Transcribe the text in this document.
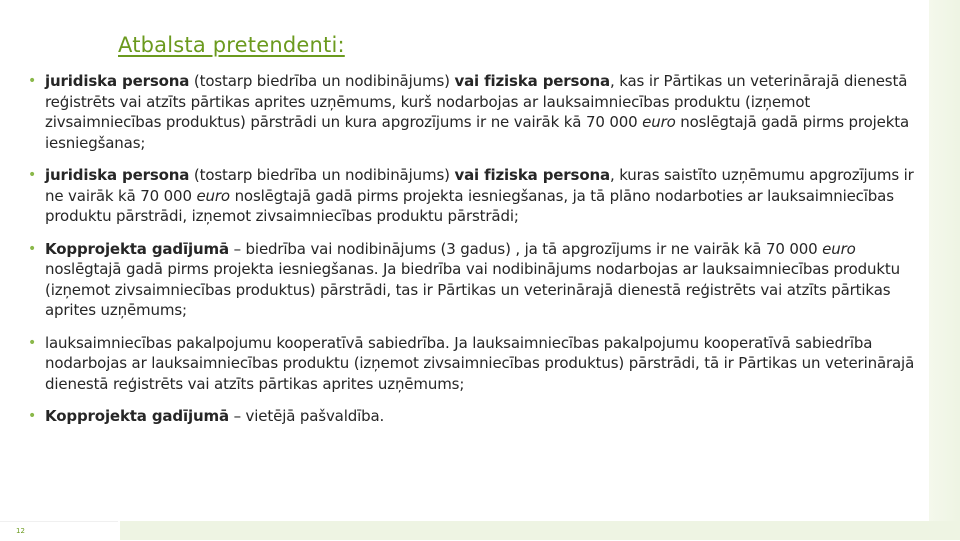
Atbalsta pretendenti:
• juridiska persona (tostarp biedrība un nodibinājums) vai fiziska persona, kas ir Pārtikas un veterinārajā dienestā reģistrēts vai atzīts pārtikas aprites uzņēmums, kurš nodarbojas ar lauksaimniecības produktu (izņemot zivsaimniecības produktus) pārstrādi un kura apgrozījums ir ne vairāk kā 70 000 euro noslēgtajā gadā pirms projekta iesniegšanas;
• juridiska persona (tostarp biedrība un nodibinājums) vai fiziska persona, kuras saistīto uzņēmumu apgrozījums ir ne vairāk kā 70 000 euro noslēgtajā gadā pirms projekta iesniegšanas, ja tā plāno nodarboties ar lauksaimniecības produktu pārstrādi, izņemot zivsaimniecības produktu pārstrādi;
• Kopprojekta gadījumā – biedrība vai nodibinājums (3 gadus) , ja tā apgrozījums ir ne vairāk kā 70 000 euro noslēgtajā gadā pirms projekta iesniegšanas. Ja biedrība vai nodibinājums nodarbojas ar lauksaimniecības produktu (izņemot zivsaimniecības produktus) pārstrādi, tas ir Pārtikas un veterinārajā dienestā reģistrēts vai atzīts pārtikas aprites uzņēmums;
• lauksaimniecības pakalpojumu kooperatīvā sabiedrība. Ja lauksaimniecības pakalpojumu kooperatīvā sabiedrība nodarbojas ar lauksaimniecības produktu (izņemot zivsaimniecības produktus) pārstrādi, tā ir Pārtikas un veterinārajā dienestā reģistrēts vai atzīts pārtikas aprites uzņēmums;
• Kopprojekta gadījumā – vietējā pašvaldība.
12
